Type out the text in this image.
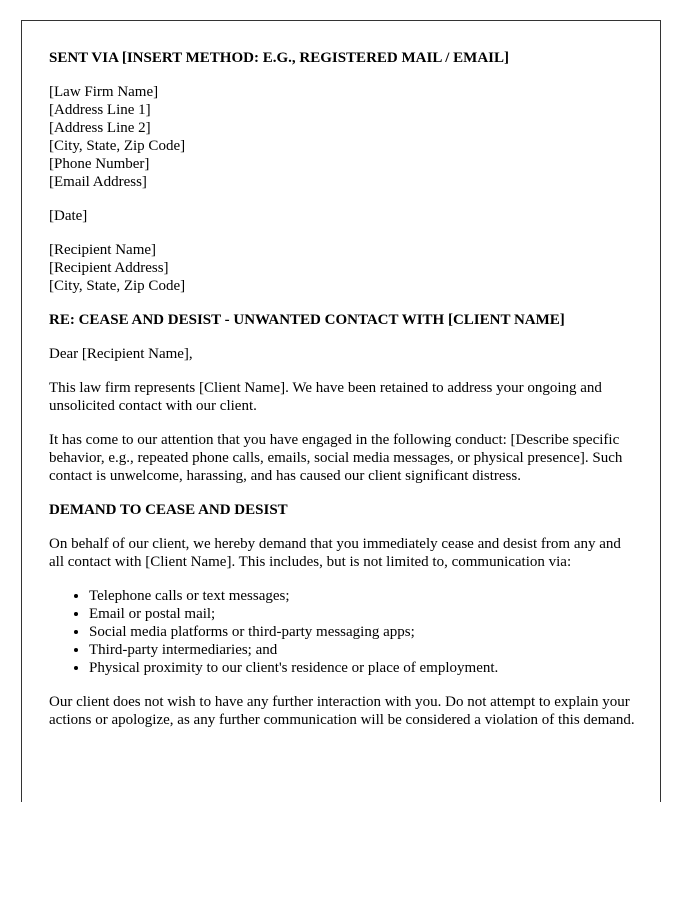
SENT VIA [INSERT METHOD: E.G., REGISTERED MAIL / EMAIL]

[Law Firm Name]
[Address Line 1]
[Address Line 2]
[City, State, Zip Code]
[Phone Number]
[Email Address]

[Date]

[Recipient Name]
[Recipient Address]
[City, State, Zip Code]

RE: CEASE AND DESIST - UNWANTED CONTACT WITH [CLIENT NAME]

Dear [Recipient Name],

This law firm represents [Client Name]. We have been retained to address your ongoing and unsolicited contact with our client.

It has come to our attention that you have engaged in the following conduct: [Describe specific behavior, e.g., repeated phone calls, emails, social media messages, or physical presence]. Such contact is unwelcome, harassing, and has caused our client significant distress.

DEMAND TO CEASE AND DESIST

On behalf of our client, we hereby demand that you immediately cease and desist from any and all contact with [Client Name]. This includes, but is not limited to, communication via:

• Telephone calls or text messages;
• Email or postal mail;
• Social media platforms or third-party messaging apps;
• Third-party intermediaries; and
• Physical proximity to our client's residence or place of employment.

Our client does not wish to have any further interaction with you. Do not attempt to explain your actions or apologize, as any further communication will be considered a violation of this demand.
